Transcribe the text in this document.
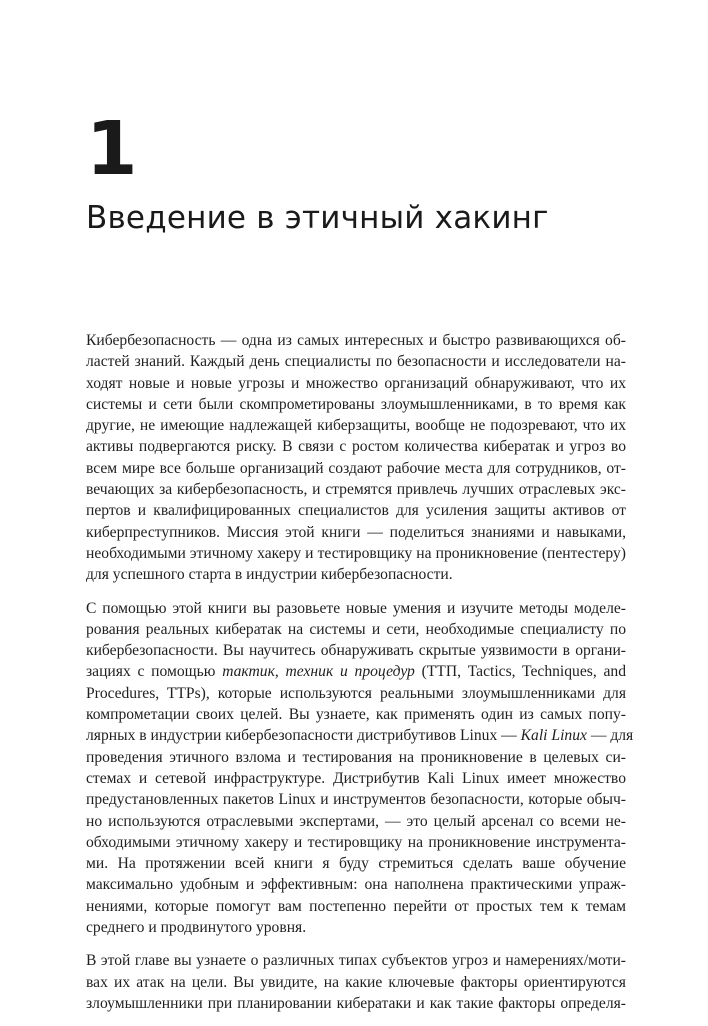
1
Введение в этичный хакинг
Кибербезопасность — одна из самых интересных и быстро развивающихся об-
ластей знаний. Каждый день специалисты по безопасности и исследователи на-
ходят новые и новые угрозы и множество организаций обнаруживают, что их
системы и сети были скомпрометированы злоумышленниками, в то время как
другие, не имеющие надлежащей киберзащиты, вообще не подозревают, что их
активы подвергаются риску. В связи с ростом количества кибератак и угроз во
всем мире все больше организаций создают рабочие места для сотрудников, от-
вечающих за кибербезопасность, и стремятся привлечь лучших отраслевых экс-
пертов и квалифицированных специалистов для усиления защиты активов от
киберпреступников. Миссия этой книги — поделиться знаниями и навыками,
необходимыми этичному хакеру и тестировщику на проникновение (пентестеру)
для успешного старта в индустрии кибербезопасности.
С помощью этой книги вы разовьете новые умения и изучите методы моделе-
рования реальных кибератак на системы и сети, необходимые специалисту по
кибербезопасности. Вы научитесь обнаруживать скрытые уязвимости в органи-
зациях с помощью тактик, техник и процедур (ТТП, Tactics, Techniques, and
Procedures, TTPs), которые используются реальными злоумышленниками для
компрометации своих целей. Вы узнаете, как применять один из самых попу-
лярных в индустрии кибербезопасности дистрибутивов Linux — Kali Linux — для
проведения этичного взлома и тестирования на проникновение в целевых си-
стемах и сетевой инфраструктуре. Дистрибутив Kali Linux имеет множество
предустановленных пакетов Linux и инструментов безопасности, которые обыч-
но используются отраслевыми экспертами, — это целый арсенал со всеми не-
обходимыми этичному хакеру и тестировщику на проникновение инструмента-
ми. На протяжении всей книги я буду стремиться сделать ваше обучение
максимально удобным и эффективным: она наполнена практическими упраж-
нениями, которые помогут вам постепенно перейти от простых тем к темам
среднего и продвинутого уровня.
В этой главе вы узнаете о различных типах субъектов угроз и намерениях/моти-
вах их атак на цели. Вы увидите, на какие ключевые факторы ориентируются
злоумышленники при планировании кибератаки и как такие факторы определя-
